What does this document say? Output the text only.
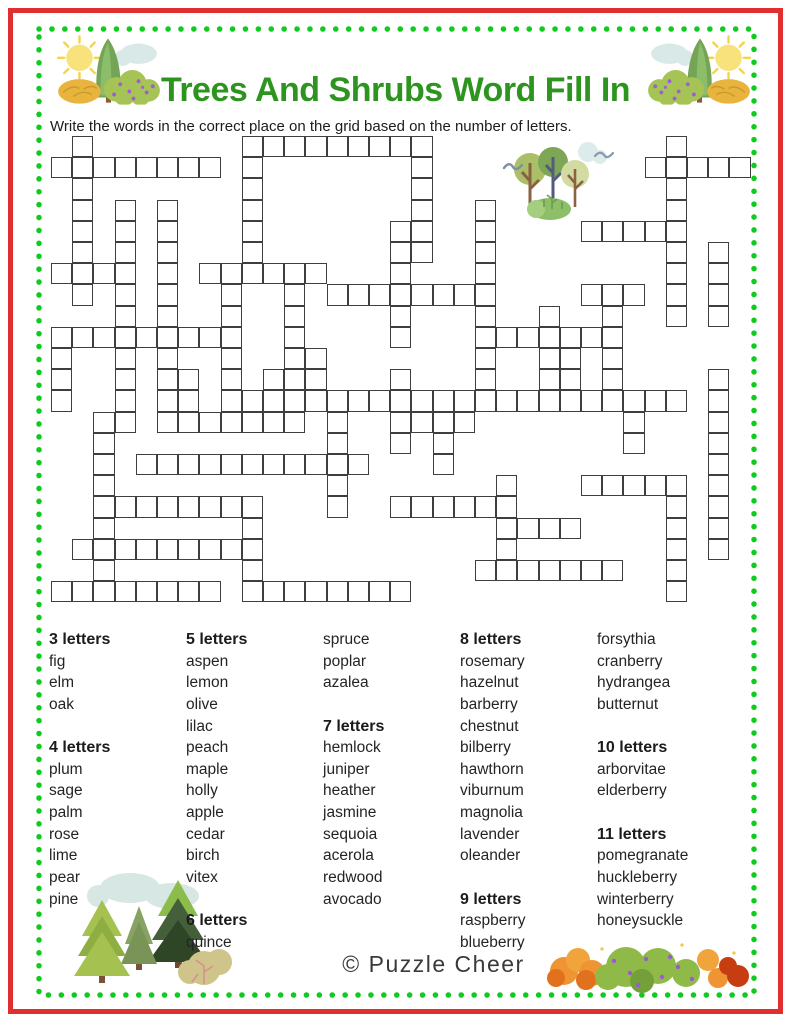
Trees And Shrubs Word Fill In

Write the words in the correct place on the grid based on the number of letters.

3 letters
fig
elm
oak
4 letters
plum
sage
palm
rose
lime
pear
pine
5 letters
aspen
lemon
olive
lilac
peach
maple
holly
apple
cedar
birch
vitex
6 letters
quince
spruce
poplar
azalea
7 letters
hemlock
juniper
heather
jasmine
sequoia
acerola
redwood
avocado
8 letters
rosemary
hazelnut
barberry
chestnut
bilberry
hawthorn
viburnum
magnolia
lavender
oleander
9 letters
raspberry
blueberry
forsythia
cranberry
hydrangea
butternut
10 letters
arborvitae
elderberry
11 letters
pomegranate
huckleberry
winterberry
honeysuckle
© Puzzle Cheer
